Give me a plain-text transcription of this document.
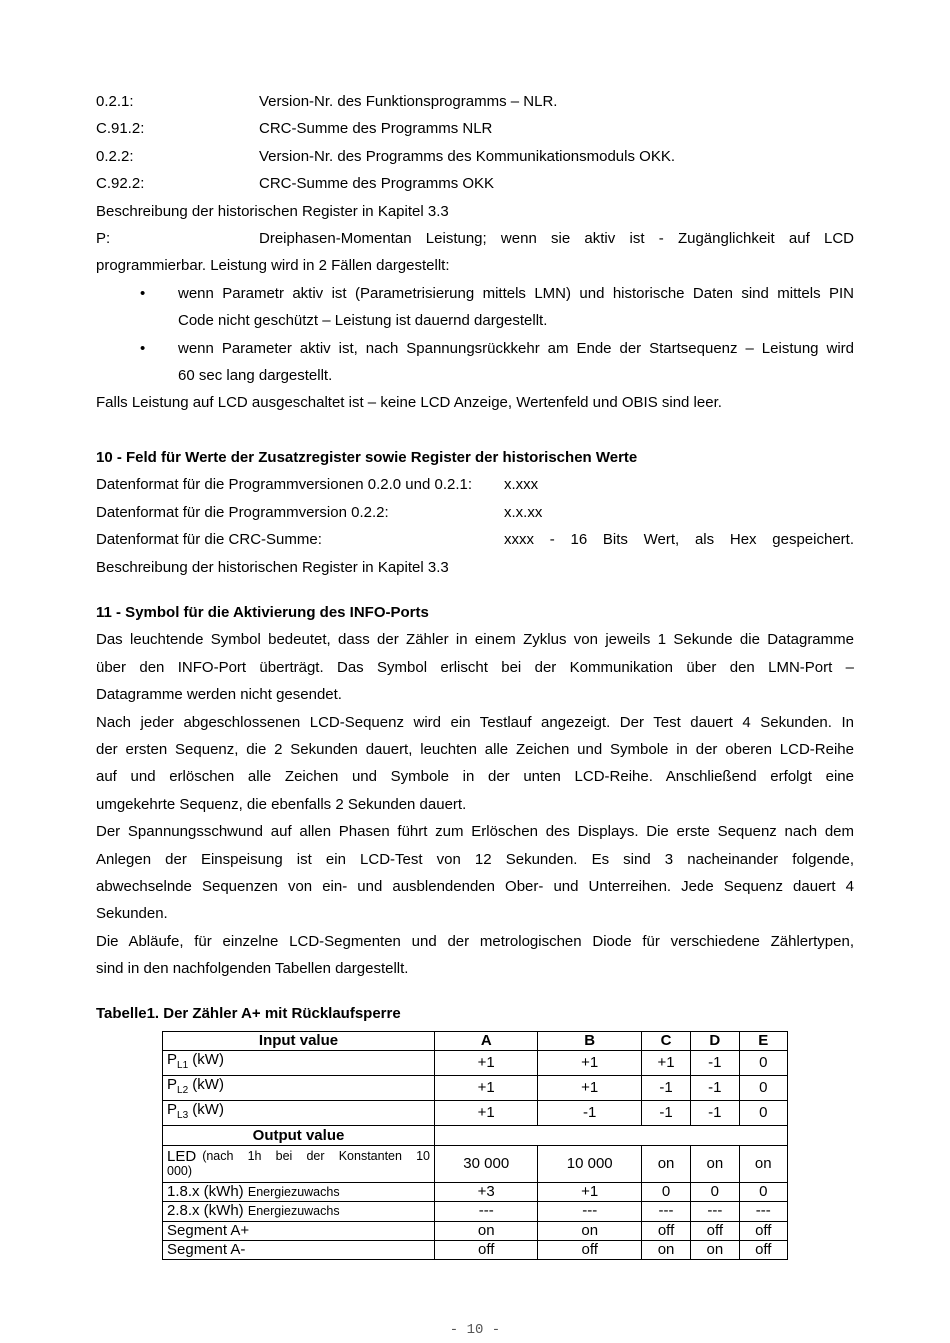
0.2.1:	Version-Nr. des Funktionsprogramms – NLR.
C.91.2:	CRC-Summe des Programms NLR
0.2.2:	Version-Nr. des Programms des Kommunikationsmoduls OKK.
C.92.2:	CRC-Summe des Programms OKK
Beschreibung der historischen Register in Kapitel 3.3
P:	Dreiphasen-Momentan Leistung; wenn sie aktiv ist - Zugänglichkeit auf LCD
programmierbar. Leistung wird in 2 Fällen dargestellt:
• wenn Parametr aktiv ist (Parametrisierung mittels LMN) und historische Daten sind mittels PIN
Code nicht geschützt – Leistung ist dauernd dargestellt.
• wenn Parameter aktiv ist, nach Spannungsrückkehr am Ende der Startsequenz – Leistung wird
60 sec lang dargestellt.
Falls Leistung auf LCD ausgeschaltet ist – keine LCD Anzeige, Wertenfeld und OBIS sind leer.
10 - Feld für Werte der Zusatzregister sowie Register der historischen Werte
Datenformat für die Programmversionen 0.2.0 und 0.2.1:	x.xxx
Datenformat für die Programmversion 0.2.2:	x.x.xx
Datenformat für die CRC-Summe:	xxxx - 16 Bits Wert, als Hex gespeichert.
Beschreibung der historischen Register in Kapitel 3.3
11 - Symbol für die Aktivierung des INFO-Ports
Das leuchtende Symbol bedeutet, dass der Zähler in einem Zyklus von jeweils 1 Sekunde die Datagramme
über den INFO-Port überträgt. Das Symbol erlischt bei der Kommunikation über den LMN-Port –
Datagramme werden nicht gesendet.
Nach jeder abgeschlossenen LCD-Sequenz wird ein Testlauf angezeigt. Der Test dauert 4 Sekunden. In
der ersten Sequenz, die 2 Sekunden dauert, leuchten alle Zeichen und Symbole in der oberen LCD-Reihe
auf und erlöschen alle Zeichen und Symbole in der unten LCD-Reihe. Anschließend erfolgt eine
umgekehrte Sequenz, die ebenfalls 2 Sekunden dauert.
Der Spannungsschwund auf allen Phasen führt zum Erlöschen des Displays. Die erste Sequenz nach dem
Anlegen der Einspeisung ist ein LCD-Test von 12 Sekunden. Es sind 3 nacheinander folgende,
abwechselnde Sequenzen von ein- und ausblendenden Ober- und Unterreihen. Jede Sequenz dauert 4
Sekunden.
Die Abläufe, für einzelne LCD-Segmenten und der metrologischen Diode für verschiedene Zählertypen,
sind in den nachfolgenden Tabellen dargestellt.
Tabelle1. Der Zähler A+ mit Rücklaufsperre
Input value	A	B	C	D	E
$P_{L1}$ (kW)	+1	+1	+1	-1	0
$P_{L2}$ (kW)	+1	+1	-1	-1	0
$P_{L3}$ (kW)	+1	-1	-1	-1	0
Output value					

LED (nach 1h bei der Konstanten 10
000)	30 000	10 000	on	on	on
1.8.x (kWh) Energiezuwachs	+3	+1	0	0	0
2.8.x (kWh) Energiezuwachs	---	---	---	---	---
Segment A+	on	on	off	off	off
Segment A-	off	off	on	on	off
- 10 -
